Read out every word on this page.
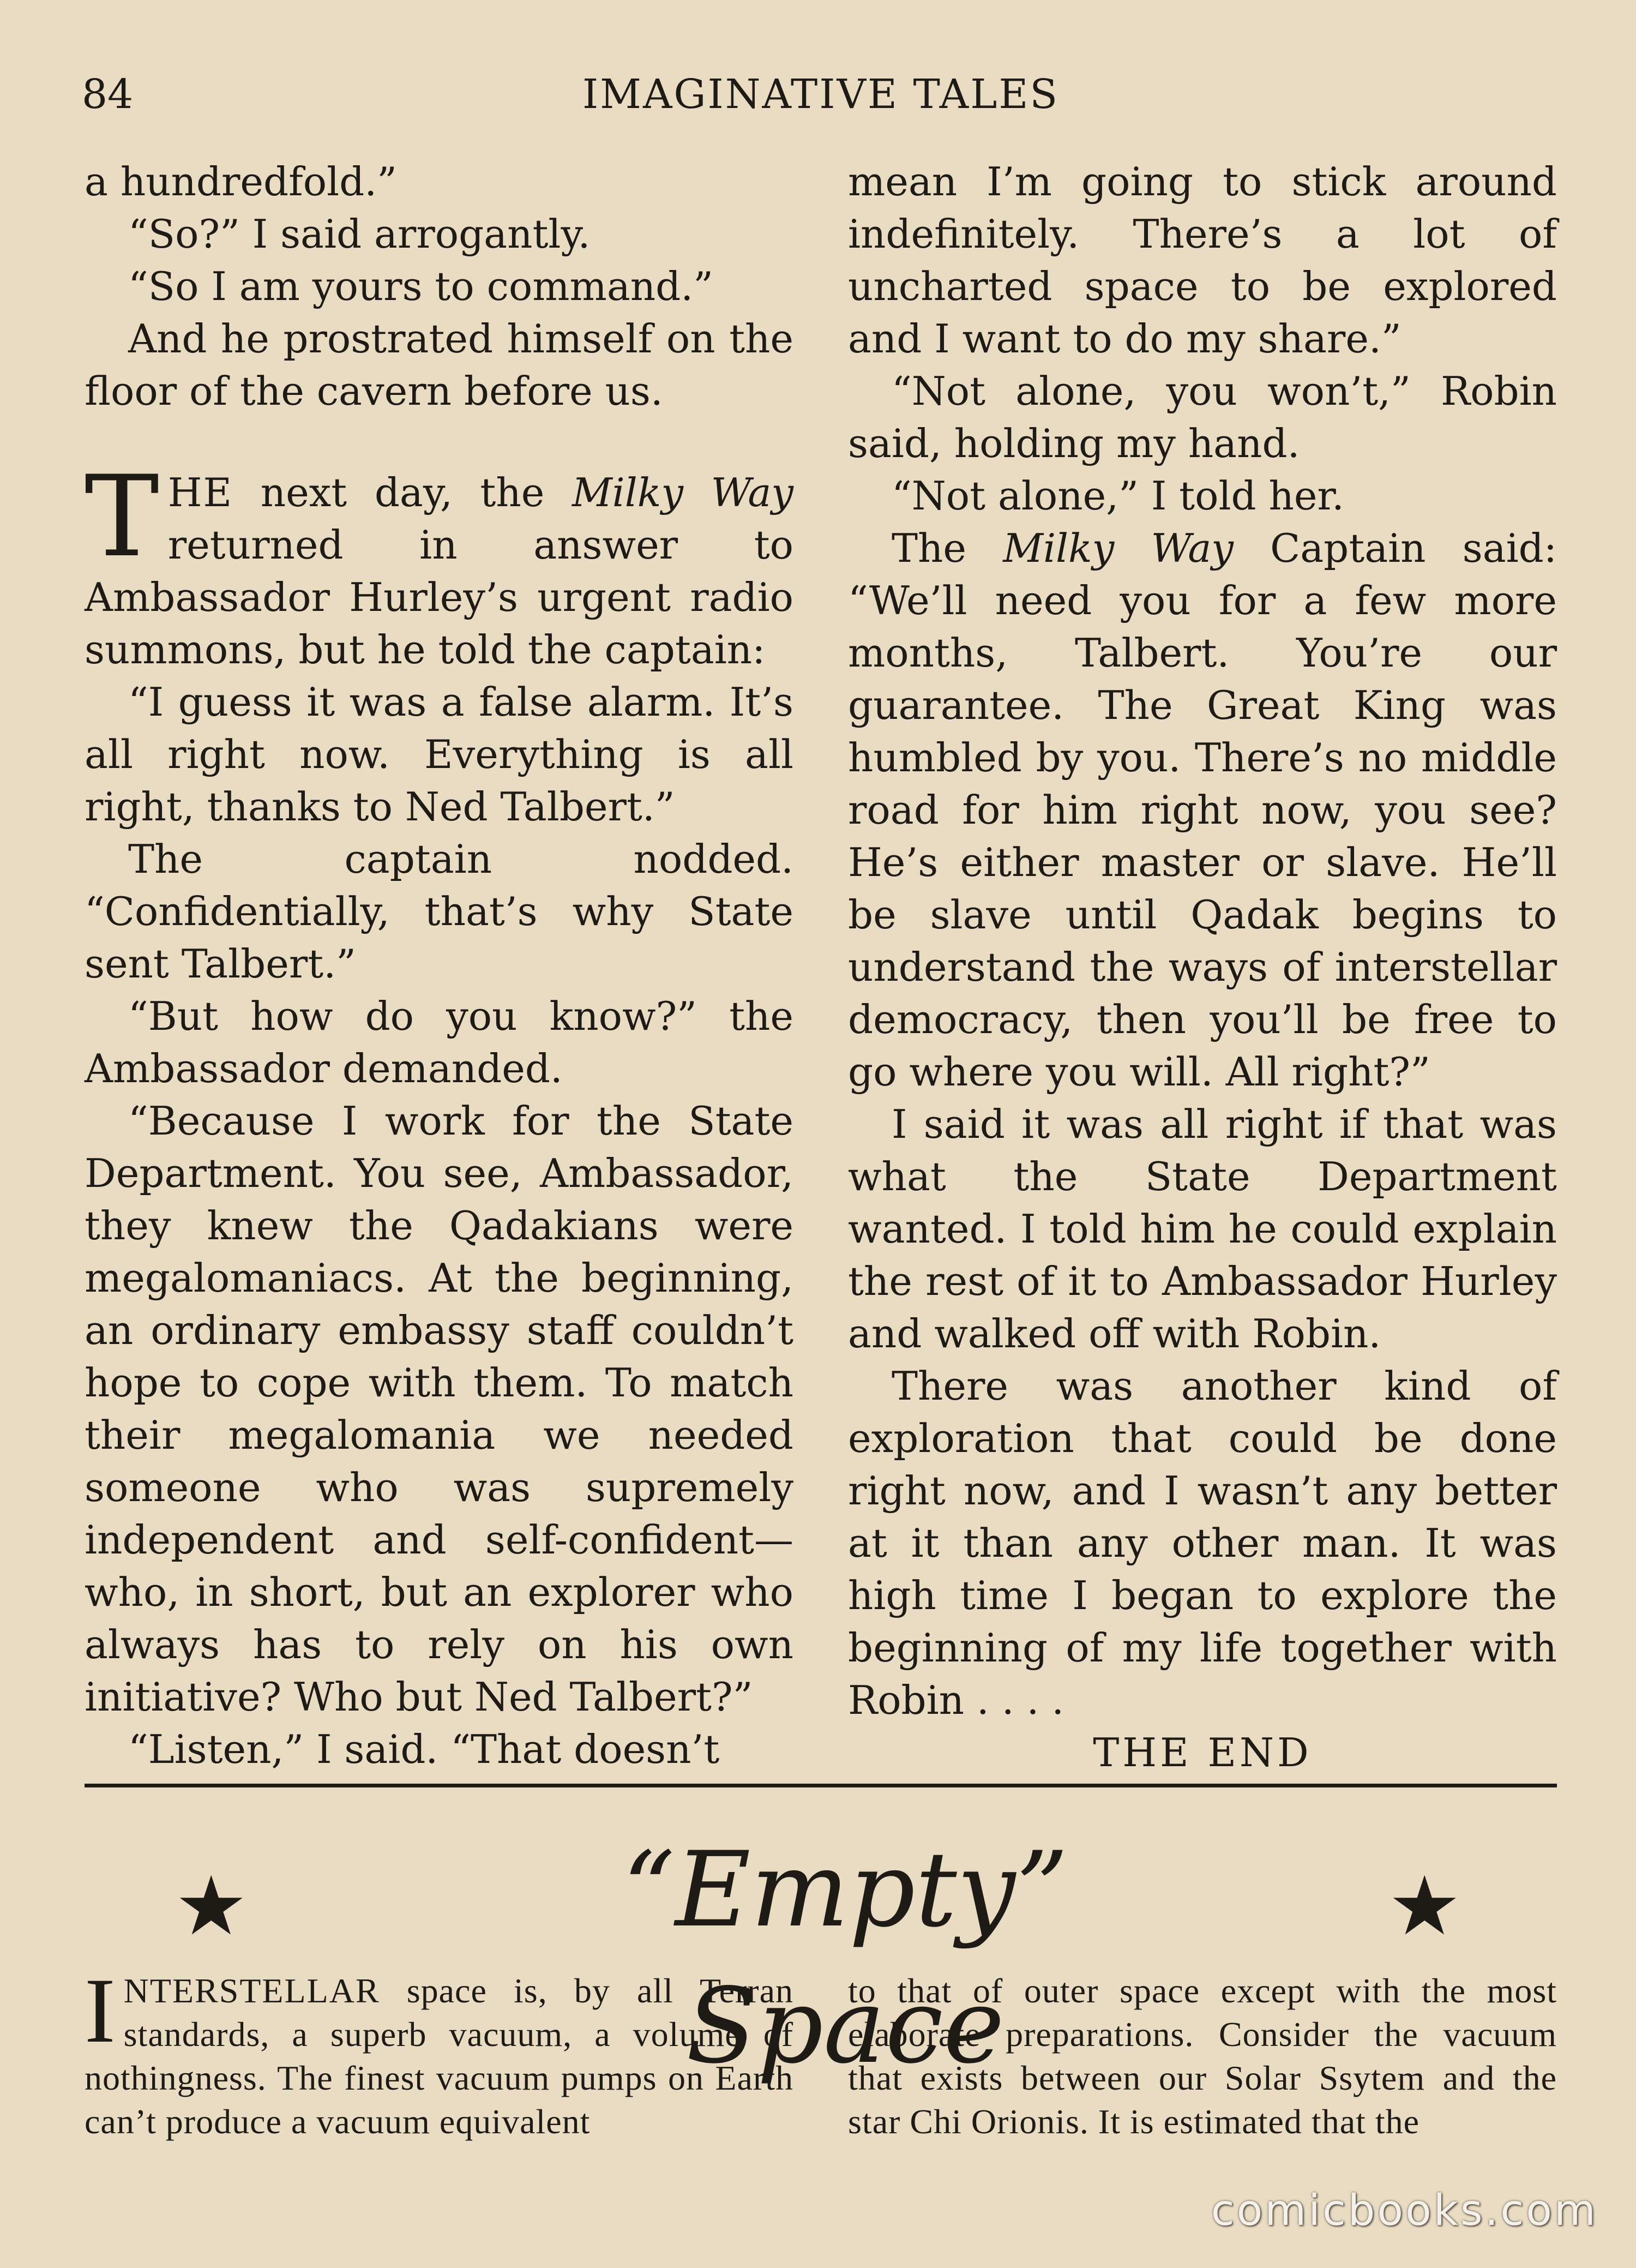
84	IMAGINATIVE TALES

a hundredfold.”

“So?” I said arrogantly.

“So I am yours to command.”

And he prostrated himself on the floor of the cavern before us.

THE next day, the Milky Way returned in answer to Ambassador Hurley’s urgent radio summons, but he told the captain:

“I guess it was a false alarm. It’s all right now. Everything is all right, thanks to Ned Talbert.”

The captain nodded. “Confidentially, that’s why State sent Talbert.”

“But how do you know?” the Ambassador demanded.

“Because I work for the State Department. You see, Ambassador, they knew the Qadakians were megalomaniacs. At the beginning, an ordinary embassy staff couldn’t hope to cope with them. To match their megalomania we needed someone who was supremely independent and self-confident—who, in short, but an explorer who always has to rely on his own initiative? Who but Ned Talbert?”

“Listen,” I said. “That doesn’t

mean I’m going to stick around indefinitely. There’s a lot of uncharted space to be explored and I want to do my share.”

“Not alone, you won’t,” Robin said, holding my hand.

“Not alone,” I told her.

The Milky Way Captain said: “We’ll need you for a few more months, Talbert. You’re our guarantee. The Great King was humbled by you. There’s no middle road for him right now, you see? He’s either master or slave. He’ll be slave until Qadak begins to understand the ways of interstellar democracy, then you’ll be free to go where you will. All right?”

I said it was all right if that was what the State Department wanted. I told him he could explain the rest of it to Ambassador Hurley and walked off with Robin.

There was another kind of exploration that could be done right now, and I wasn’t any better at it than any other man. It was high time I began to explore the beginning of my life together with Robin . . . .

THE END

★	“Empty” Space
★

INTERSTELLAR space is, by all Terran standards, a superb vacuum, a volume of nothingness. The finest vacuum pumps on Earth can’t produce a vacuum equivalent

to that of outer space except with the most elaborate preparations. Consider the vacuum that exists between our Solar Ssytem and the star Chi Orionis. It is estimated that the

comicbooks.com
